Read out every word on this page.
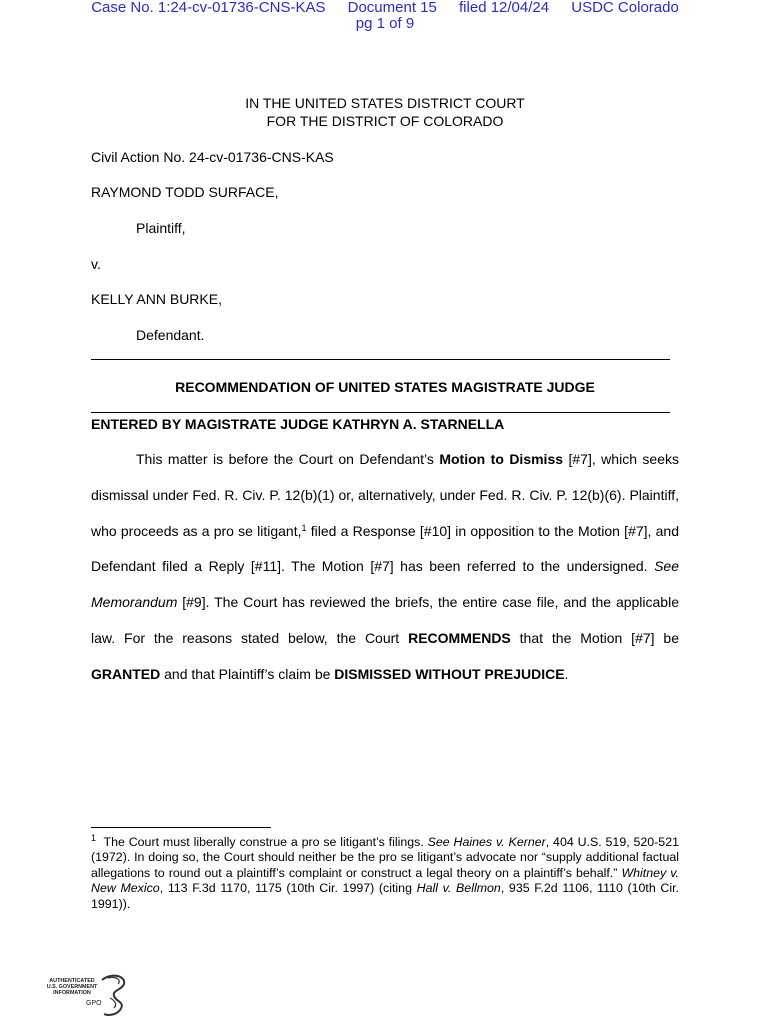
Case No. 1:24-cv-01736-CNS-KAS Document 15 filed 12/04/24 USDC Colorado
pg 1 of 9
IN THE UNITED STATES DISTRICT COURT
FOR THE DISTRICT OF COLORADO
Civil Action No. 24-cv-01736-CNS-KAS
RAYMOND TODD SURFACE,
Plaintiff,
v.
KELLY ANN BURKE,
Defendant.
RECOMMENDATION OF UNITED STATES MAGISTRATE JUDGE
ENTERED BY MAGISTRATE JUDGE KATHRYN A. STARNELLA
This matter is before the Court on Defendant’s Motion to Dismiss [#7], which seeks dismissal under Fed. R. Civ. P. 12(b)(1) or, alternatively, under Fed. R. Civ. P. 12(b)(6). Plaintiff, who proceeds as a pro se litigant,$^1$ filed a Response [#10] in opposition to the Motion [#7], and Defendant filed a Reply [#11]. The Motion [#7] has been referred to the undersigned. See Memorandum [#9]. The Court has reviewed the briefs, the entire case file, and the applicable law. For the reasons stated below, the Court RECOMMENDS that the Motion [#7] be GRANTED and that Plaintiff’s claim be DISMISSED WITHOUT PREJUDICE.
$^1$ The Court must liberally construe a pro se litigant’s filings. See Haines v. Kerner, 404 U.S. 519, 520-521 (1972). In doing so, the Court should neither be the pro se litigant’s advocate nor “supply additional factual allegations to round out a plaintiff’s complaint or construct a legal theory on a plaintiff’s behalf.” Whitney v. New Mexico, 113 F.3d 1170, 1175 (10th Cir. 1997) (citing Hall v. Bellmon, 935 F.2d 1106, 1110 (10th Cir. 1991)).
AUTHENTICATED
U.S. GOVERNMENT
INFORMATION
GPO
